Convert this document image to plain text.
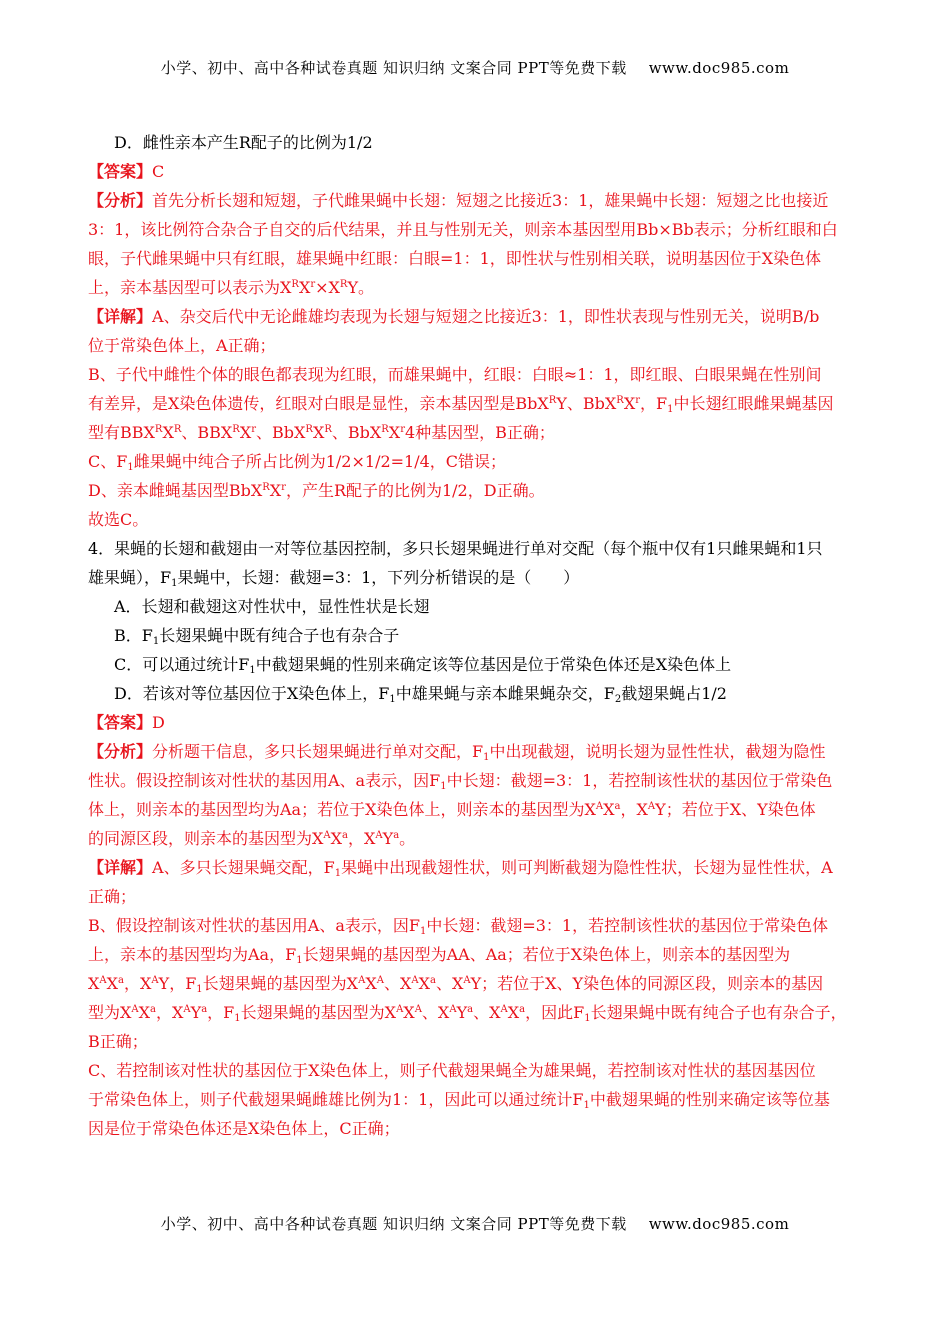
小学、初中、高中各种试卷真题 知识归纳 文案合同 PPT等免费下载 www.doc985.com
D．雌性亲本产生R配子的比例为1/2
【答案】C
【分析】首先分析长翅和短翅，子代雌果蝇中长翅：短翅之比接近3：1，雄果蝇中长翅：短翅之比也接近
3：1，该比例符合杂合子自交的后代结果，并且与性别无关，则亲本基因型用Bb×Bb表示；分析红眼和白
眼，子代雌果蝇中只有红眼，雄果蝇中红眼：白眼=1：1，即性状与性别相关联，说明基因位于X染色体
上，亲本基因型可以表示为$X^RX^r\times X^RY$。
【详解】A、杂交后代中无论雌雄均表现为长翅与短翅之比接近3：1，即性状表现与性别无关，说明B/b
位于常染色体上，A正确；
B、子代中雌性个体的眼色都表现为红眼，而雄果蝇中，红眼：白眼≈1：1，即红眼、白眼果蝇在性别间
有差异，是X染色体遗传，红眼对白眼是显性，亲本基因型是BbX$^R$Y、$BbX^RX^r$，$F_1$中长翅红眼雌果蝇基因
型有$BBX^RX^R$、$BBX^RX^r$、$BbX^RX^R$、$BbX^RX^r4$种基因型，B正确；
C、$F_1$雌果蝇中纯合子所占比例为1/2×1/2=1/4，C错误；
D、亲本雌蝇基因型$BbX^RX^r$，产生R配子的比例为1/2，D正确。
故选C。
4．果蝇的长翅和截翅由一对等位基因控制，多只长翅果蝇进行单对交配（每个瓶中仅有1只雌果蝇和1只
雄果蝇），$F_1$果蝇中，长翅：截翅=3：1，下列分析错误的是（　　）
A．长翅和截翅这对性状中，显性性状是长翅
B．$F_1$长翅果蝇中既有纯合子也有杂合子
C．可以通过统计$F_1$中截翅果蝇的性别来确定该等位基因是位于常染色体还是X染色体上
D．若该对等位基因位于X染色体上，$F_1$中雄果蝇与亲本雌果蝇杂交，$F_2$截翅果蝇占1/2
【答案】D
【分析】分析题干信息，多只长翅果蝇进行单对交配，$F_1$中出现截翅，说明长翅为显性性状，截翅为隐性
性状。假设控制该对性状的基因用A、a表示，因$F_1$中长翅：截翅=3：1，若控制该性状的基因位于常染色
体上，则亲本的基因型均为Aa；若位于X染色体上，则亲本的基因型为$X^AX^a$，$X^AY$；若位于X、Y染色体
的同源区段，则亲本的基因型为$X^AX^a$，$X^AY^a$。
【详解】A、多只长翅果蝇交配，$F_1$果蝇中出现截翅性状，则可判断截翅为隐性性状，长翅为显性性状，A
正确；
B、假设控制该对性状的基因用A、a表示，因$F_1$中长翅：截翅=3：1，若控制该性状的基因位于常染色体
上，亲本的基因型均为Aa，$F_1$长翅果蝇的基因型为AA、Aa；若位于X染色体上，则亲本的基因型为
$X^AX^a$，$X^AY$，$F_1$长翅果蝇的基因型为$X^AX^A$、$X^AX^a$、$X^AY$；若位于X、Y染色体的同源区段，则亲本的基因
型为$X^AX^a$，$X^AY^a$，$F_1$长翅果蝇的基因型为$X^AX^A$、$X^AY^a$、$X^AX^a$，因此$F_1$长翅果蝇中既有纯合子也有杂合子，
B正确；
C、若控制该对性状的基因位于X染色体上，则子代截翅果蝇全为雄果蝇，若控制该对性状的基因基因位
于常染色体上，则子代截翅果蝇雌雄比例为1：1，因此可以通过统计$F_1$中截翅果蝇的性别来确定该等位基
因是位于常染色体还是X染色体上，C正确；
小学、初中、高中各种试卷真题 知识归纳 文案合同 PPT等免费下载 www.doc985.com
